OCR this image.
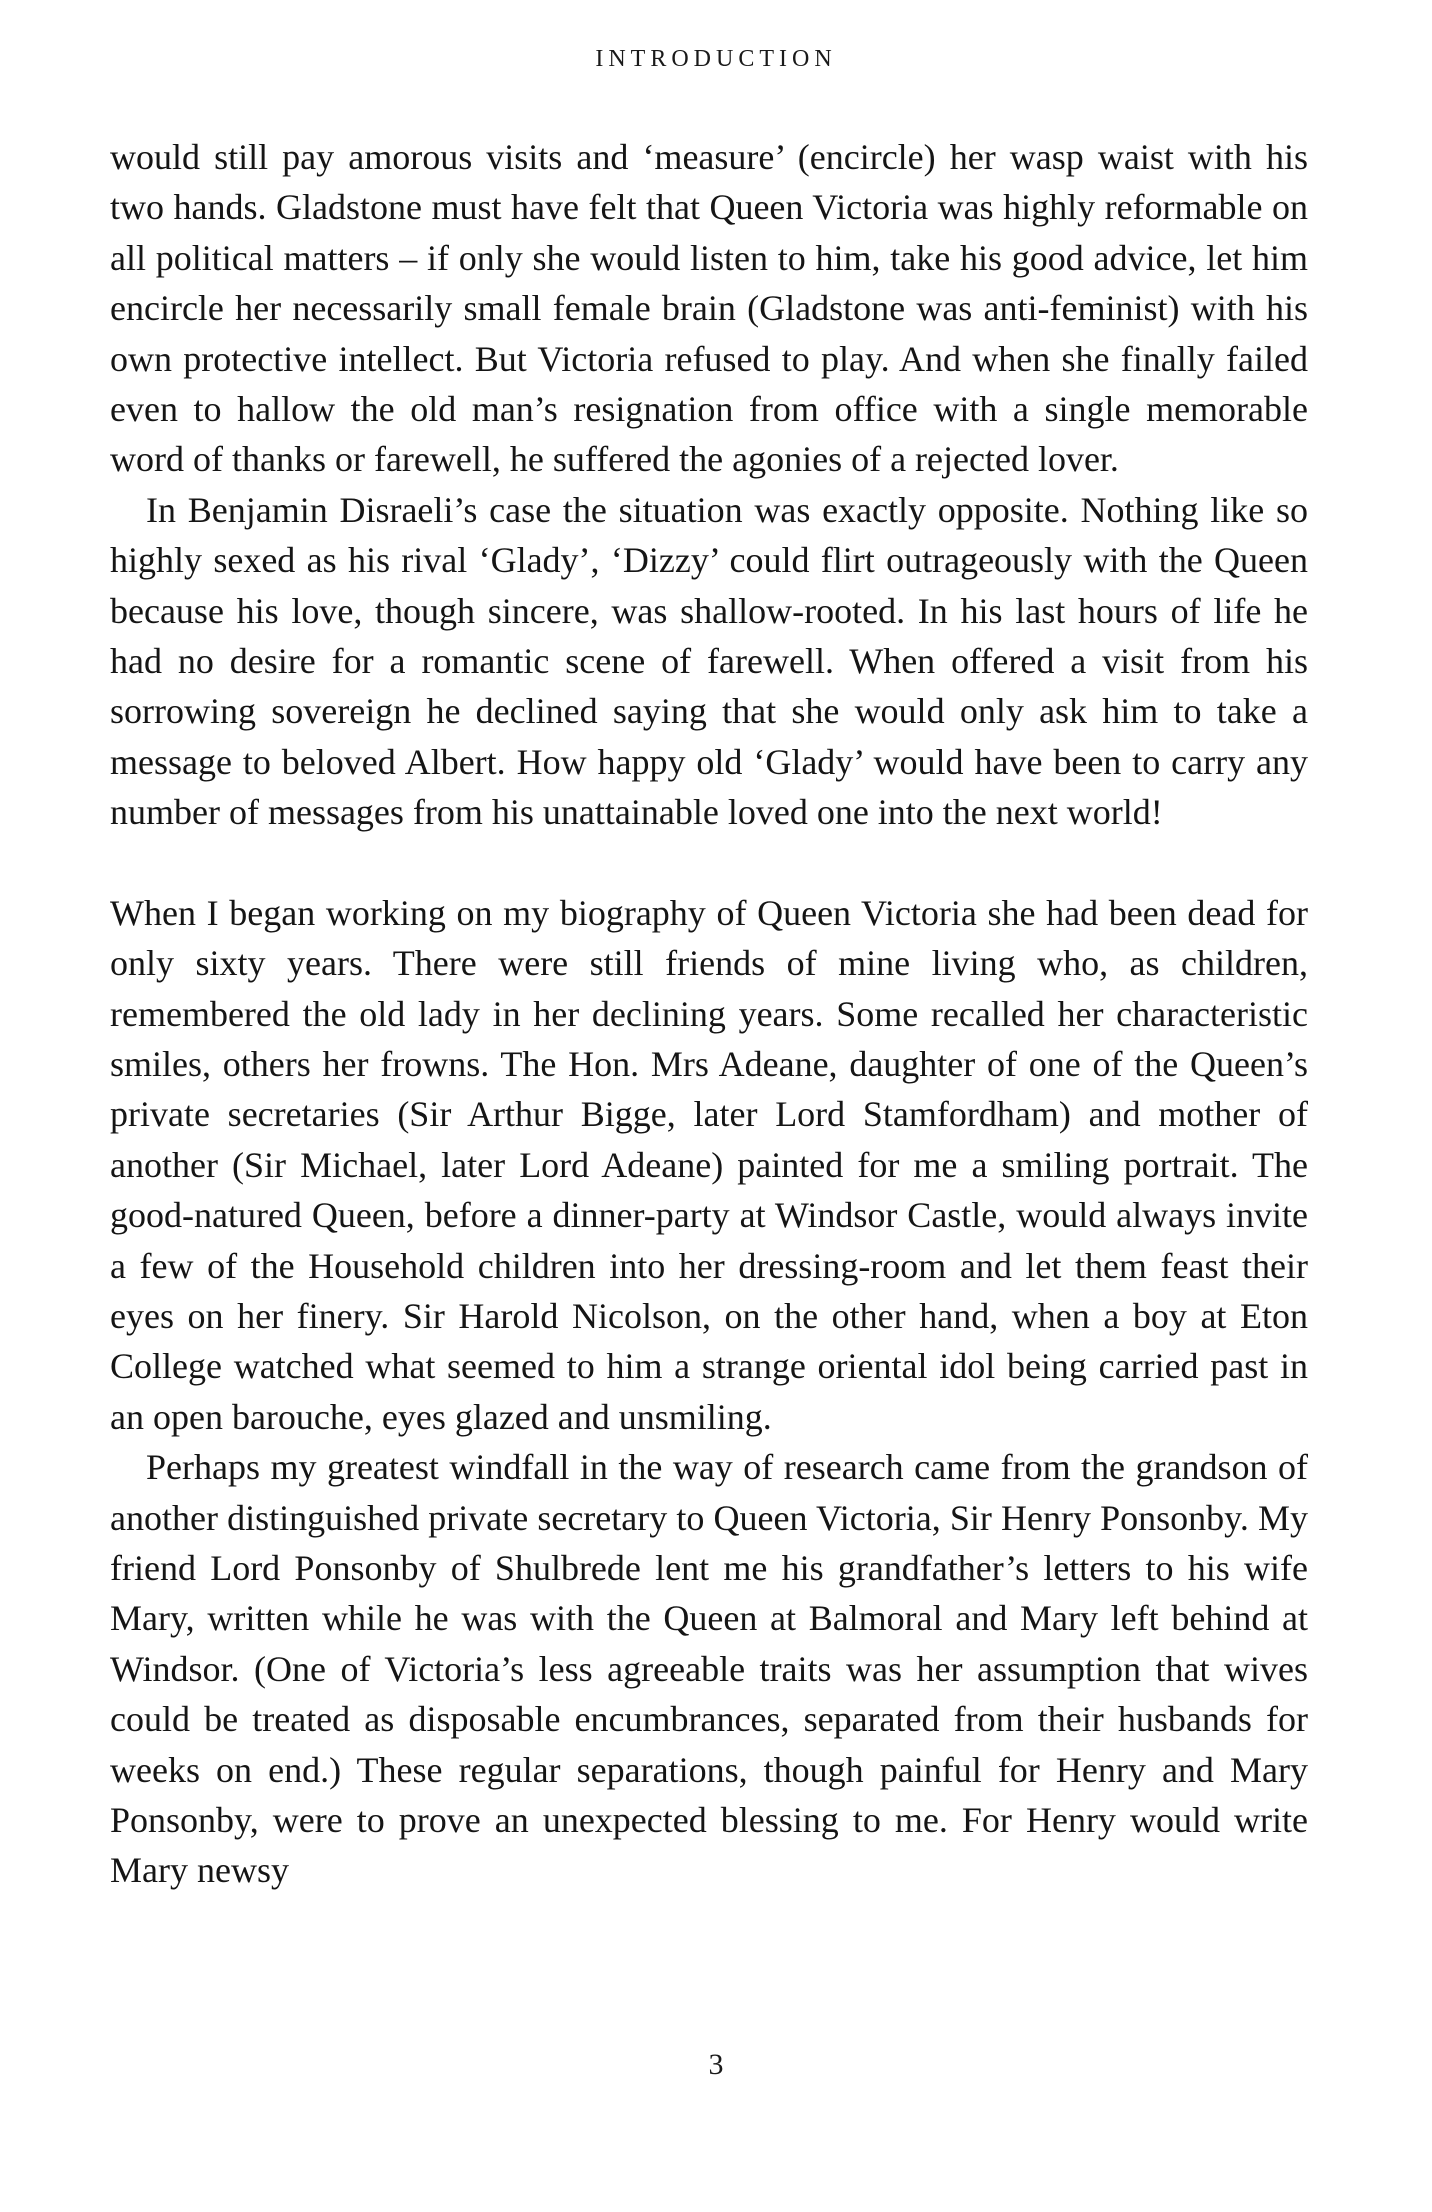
INTRODUCTION

would still pay amorous visits and ‘measure’ (encircle) her wasp waist with his two hands. Gladstone must have felt that Queen Victoria was highly reformable on all political matters – if only she would listen to him, take his good advice, let him encircle her necessarily small female brain (Gladstone was anti-feminist) with his own protective intellect. But Victoria refused to play. And when she finally failed even to hallow the old man’s resignation from office with a single memorable word of thanks or farewell, he suffered the agonies of a rejected lover.

In Benjamin Disraeli’s case the situation was exactly opposite. Nothing like so highly sexed as his rival ‘Glady’, ‘Dizzy’ could flirt outrageously with the Queen because his love, though sincere, was shallow-rooted. In his last hours of life he had no desire for a romantic scene of farewell. When offered a visit from his sorrowing sovereign he declined saying that she would only ask him to take a message to beloved Albert. How happy old ‘Glady’ would have been to carry any number of messages from his unattainable loved one into the next world!

When I began working on my biography of Queen Victoria she had been dead for only sixty years. There were still friends of mine living who, as children, remembered the old lady in her declining years. Some recalled her characteristic smiles, others her frowns. The Hon. Mrs Adeane, daughter of one of the Queen’s private secretaries (Sir Arthur Bigge, later Lord Stamfordham) and mother of another (Sir Michael, later Lord Adeane) painted for me a smiling portrait. The good-natured Queen, before a dinner-party at Windsor Castle, would always invite a few of the Household children into her dressing-room and let them feast their eyes on her finery. Sir Harold Nicolson, on the other hand, when a boy at Eton College watched what seemed to him a strange oriental idol being carried past in an open barouche, eyes glazed and unsmiling.

Perhaps my greatest windfall in the way of research came from the grandson of another distinguished private secretary to Queen Victoria, Sir Henry Ponsonby. My friend Lord Ponsonby of Shulbrede lent me his grandfather’s letters to his wife Mary, written while he was with the Queen at Balmoral and Mary left behind at Windsor. (One of Victoria’s less agreeable traits was her assumption that wives could be treated as disposable encumbrances, separated from their husbands for weeks on end.) These regular separations, though painful for Henry and Mary Ponsonby, were to prove an unexpected blessing to me. For Henry would write Mary newsy

3
